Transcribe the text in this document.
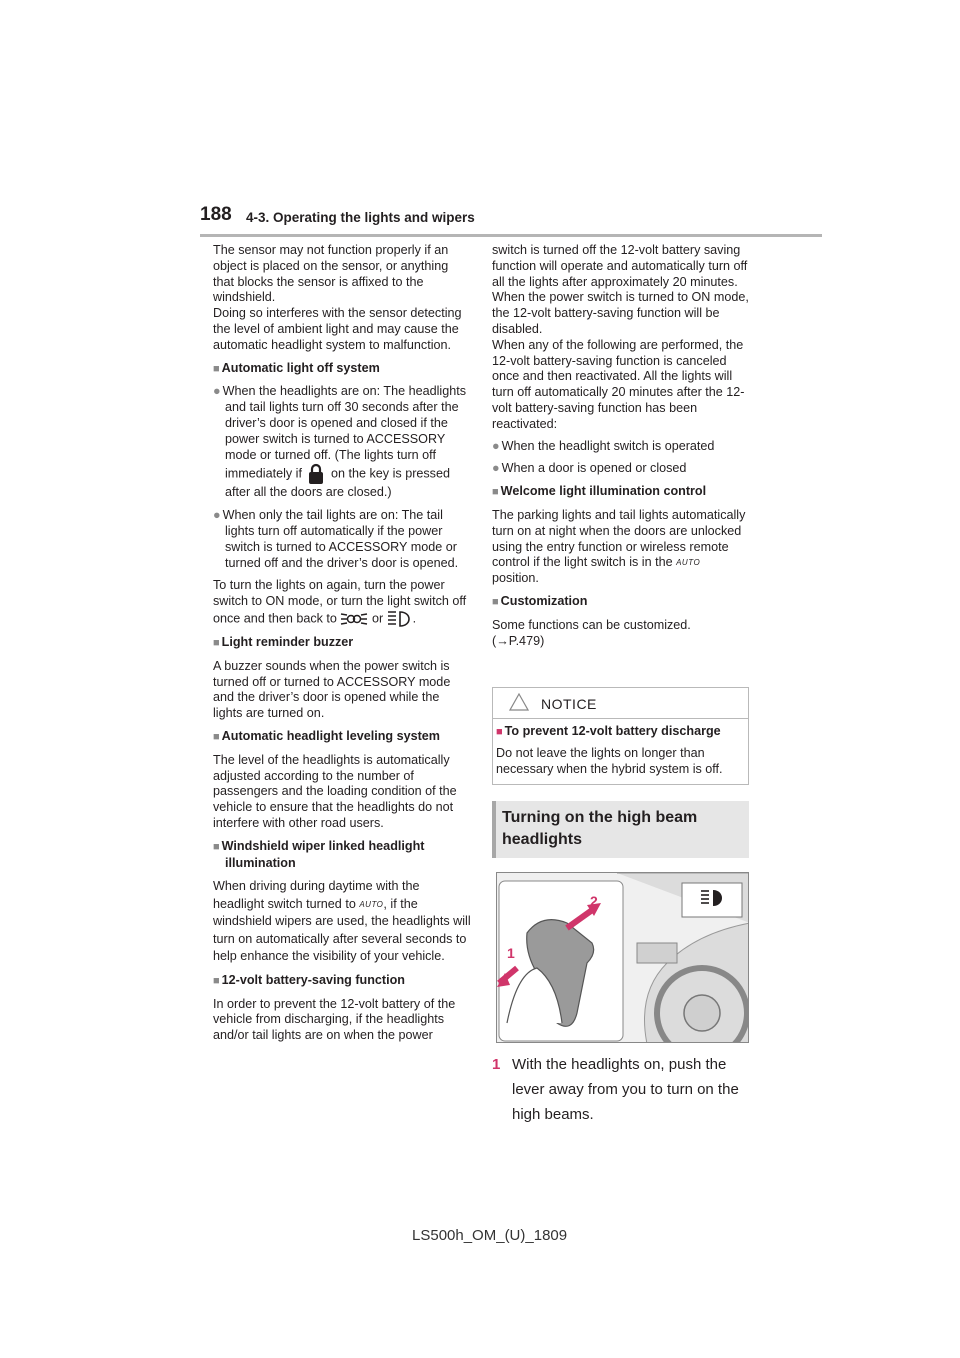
188 4-3. Operating the lights and wipers

The sensor may not function properly if an object is placed on the sensor, or anything that blocks the sensor is affixed to the windshield.

Doing so interferes with the sensor detecting the level of ambient light and may cause the automatic headlight system to malfunction.

■ Automatic light off system

● When the headlights are on: The headlights and tail lights turn off 30 seconds after the driver’s door is opened and closed if the power switch is turned to ACCESSORY mode or turned off. (The lights turn off immediately if on the key is pressed after all the doors are closed.)

● When only the tail lights are on: The tail lights turn off automatically if the power switch is turned to ACCESSORY mode or turned off and the driver’s door is opened.

To turn the lights on again, turn the power switch to ON mode, or turn the light switch off once and then back to	or .

■ Light reminder buzzer

A buzzer sounds when the power switch is turned off or turned to ACCESSORY mode and the driver’s door is opened while the lights are turned on.

■ Automatic headlight leveling system

The level of the headlights is automatically adjusted according to the number of passengers and the loading condition of the vehicle to ensure that the headlights do not interfere with other road users.

■ Windshield wiper linked headlight illumination

When driving during daytime with the headlight switch turned to AUTO, if the windshield wipers are used, the headlights will turn on automatically after several seconds to help enhance the visibility of your vehicle.

■ 12-volt battery-saving function

In order to prevent the 12-volt battery of the vehicle from discharging, if the headlights and/or tail lights are on when the power

switch is turned off the 12-volt battery saving function will operate and automatically turn off all the lights after approximately 20 minutes. When the power switch is turned to ON mode, the 12-volt battery-saving function will be disabled.

When any of the following are performed, the 12-volt battery-saving function is canceled once and then reactivated. All the lights will turn off automatically 20 minutes after the 12-volt battery-saving function has been reactivated:

● When the headlight switch is operated

● When a door is opened or closed

■ Welcome light illumination control

The parking lights and tail lights automatically turn on at night when the doors are unlocked using the entry function or wireless remote control if the light switch is in the AUTO position.

■ Customization

Some functions can be customized.

(→P.479)

NOTICE
■ To prevent 12-volt battery discharge
Do not leave the lights on longer than necessary when the hybrid system is off.
Turning on the high beam headlights
1
2
1 With the headlights on, push the lever away from you to turn on the high beams.
LS500h_OM_(U)_1809
